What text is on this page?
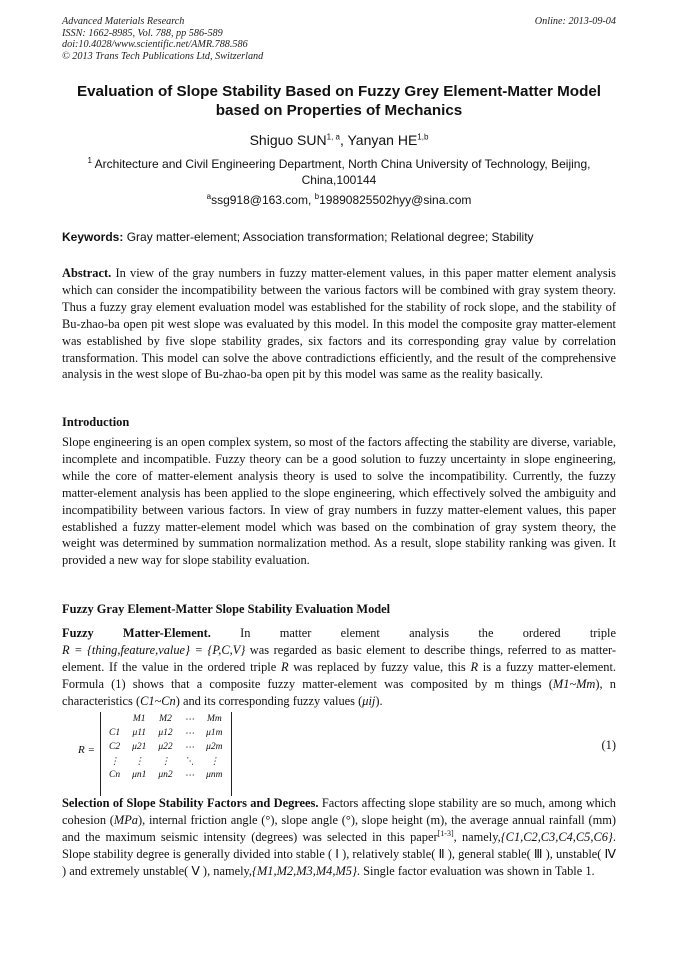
Advanced Materials Research
ISSN: 1662-8985, Vol. 788, pp 586-589
doi:10.4028/www.scientific.net/AMR.788.586
© 2013 Trans Tech Publications Ltd, Switzerland
Online: 2013-09-04
Evaluation of Slope Stability Based on Fuzzy Grey Element-Matter Model
based on Properties of Mechanics
Shiguo SUN$^{1, a}$, Yanyan HE$^{1,b}$
$^1$ Architecture and Civil Engineering Department, North China University of Technology, Beijing,
China,100144
$^a$ssg918@163.com, $^b$19890825502hyy@sina.com
Keywords: Gray matter-element; Association transformation; Relational degree; Stability
Abstract. In view of the gray numbers in fuzzy matter-element values, in this paper matter element analysis which can consider the incompatibility between the various factors will be combined with gray system theory. Thus a fuzzy gray element evaluation model was established for the stability of rock slope, and the stability of Bu-zhao-ba open pit west slope was evaluated by this model. In this model the composite gray matter-element was established by five slope stability grades, six factors and its corresponding gray value by correlation transformation. This model can solve the above contradictions efficiently, and the result of the comprehensive analysis in the west slope of Bu-zhao-ba open pit by this model was same as the reality basically.
Introduction
Slope engineering is an open complex system, so most of the factors affecting the stability are diverse, variable, incomplete and incompatible. Fuzzy theory can be a good solution to fuzzy uncertainty in slope engineering, while the core of matter-element analysis theory is used to solve the incompatibility. Currently, the fuzzy matter-element analysis has been applied to the slope engineering, which effectively solved the ambiguity and incompatibility between various factors. In view of gray numbers in fuzzy matter-element values, this paper established a fuzzy matter-element model which was based on the combination of gray system theory, the weight was determined by summation normalization method. As a result, slope stability ranking was given. It provided a new way for slope stability evaluation.
Fuzzy Gray Element-Matter Slope Stability Evaluation Model
Fuzzy Matter-Element. In matter element analysis the ordered triple
R = {thing,feature,value} = {P,C,V} was regarded as basic element to describe things, referred to as matter-element. If the value in the ordered triple R was replaced by fuzzy value, this R is a fuzzy matter-element. Formula (1) shows that a composite fuzzy matter-element was composited by m things (M1~Mm), n characteristics (C1~Cn) and its corresponding fuzzy values (μij).
R =
	M1	M2	⋯	Mm
C1	μ11	μ12	⋯	μ1m
C2	μ21	μ22	⋯	μ2m
⋮	⋮	⋮	⋱	⋮
Cn	μn1	μn2	⋯	μnm

(1)
Selection of Slope Stability Factors and Degrees. Factors affecting slope stability are so much, among which cohesion (MPa), internal friction angle (°), slope angle (°), slope height (m), the average annual rainfall (mm) and the maximum seismic intensity (degrees) was selected in this paper[1-3], namely,{C1,C2,C3,C4,C5,C6}. Slope stability degree is generally divided into stable ( Ⅰ ), relatively stable( Ⅱ ), general stable( Ⅲ ), unstable( Ⅳ ) and extremely unstable( Ⅴ ), namely,{M1,M2,M3,M4,M5}. Single factor evaluation was shown in Table 1.
